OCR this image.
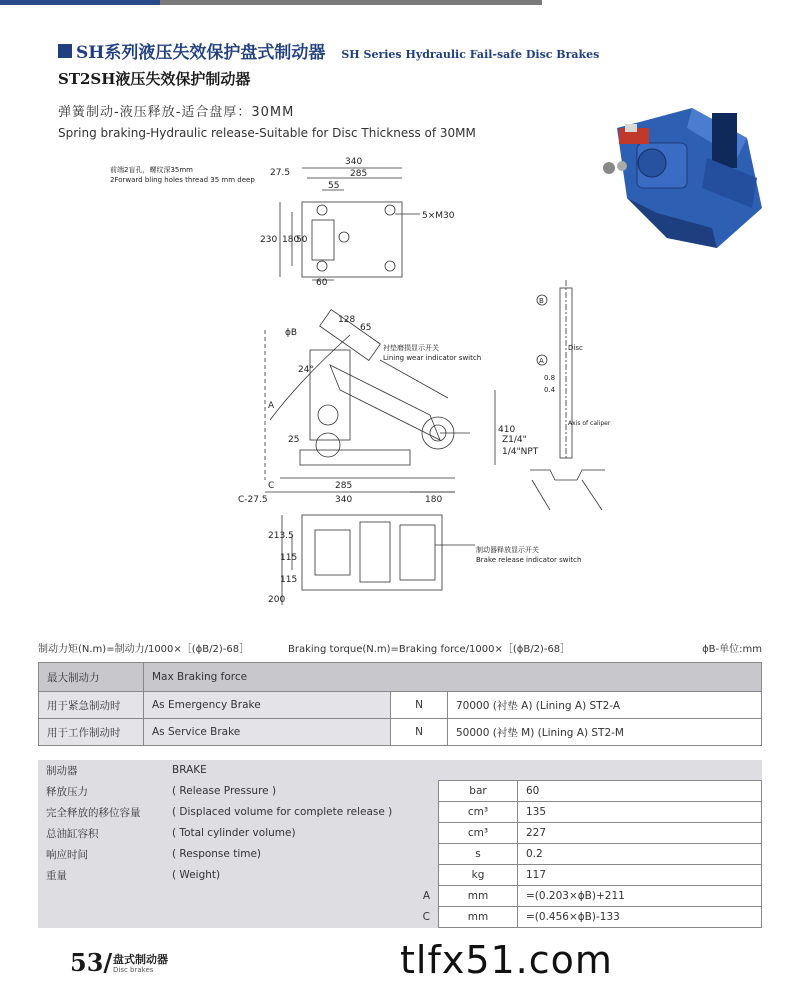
SH系列液压失效保护盘式制动器 SH Series Hydraulic Fail-safe Disc Brakes
ST2SH液压失效保护制动器
弹簧制动-液压释放-适合盘厚：30MM
Spring braking-Hydraulic release-Suitable for Disc Thickness of 30MM
340
27.5	285
55
230 180
50
60
5×M30
前端2盲孔，螺纹深35mm
2Forward bling holes thread 35 mm deep
ϕB
128
65
24°
A
25
410
C	285
340	180
C-27.5
衬垫磨损显示开关
Lining wear indicator switch
Z1/4"
1/4"NPT
213.5
115
115
200
制动器释放显示开关
Brake release indicator switch
B
A
Disc
0.8
0.4
Axis of caliper
制动力矩(N.m)=制动力/1000×［(ϕB/2)-68］	Braking torque(N.m)=Braking force/1000×［(ϕB/2)-68］	ϕB-单位:mm
最大制动力	Max Braking force		
用于紧急制动时	As Emergency Brake	N	70000 (衬垫 A) (Lining A) ST2-A
用于工作制动时	As Service Brake	N	50000 (衬垫 M) (Lining A) ST2-M
制动器	BRAKE		
释放压力	( Release Pressure )	bar	60
完全释放的移位容量	( Displaced volume for complete release )	cm³	135
总油缸容积	( Total cylinder volume)	cm³	227
响应时间	( Response time)	s	0.2
重量	( Weight)	kg	117
	A	mm	=(0.203×ϕB)+211
	C	mm	=(0.456×ϕB)-133
53/ 盘式制动器
Disc brakes	tlfx51.com
